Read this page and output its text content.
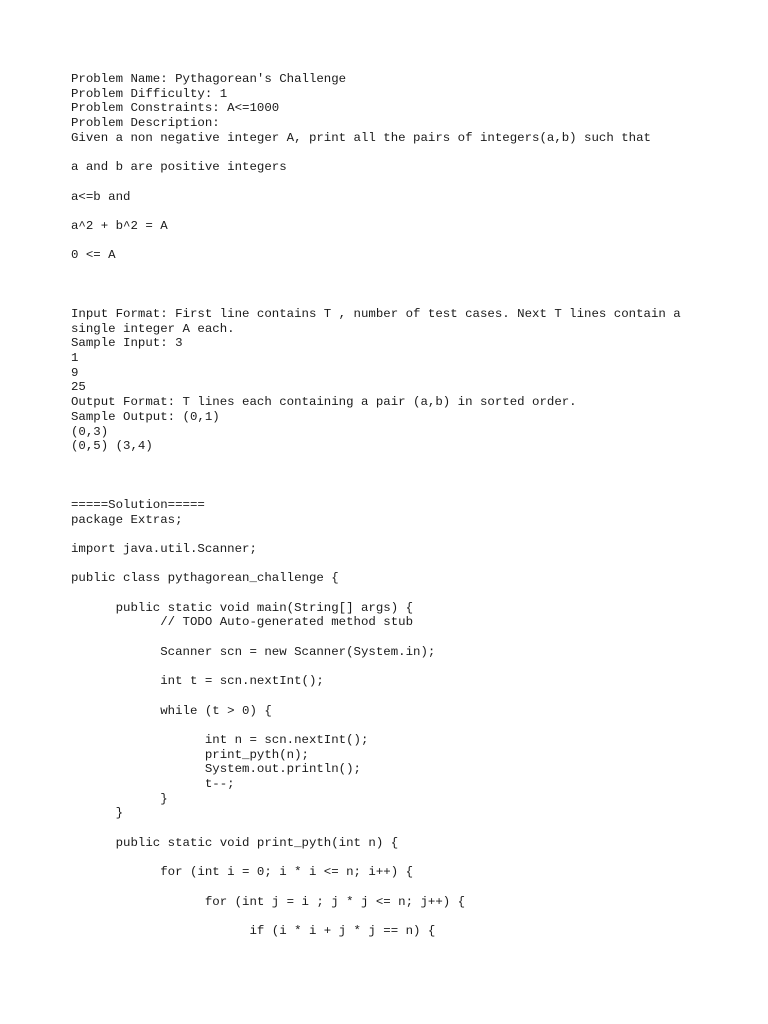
Problem Name: Pythagorean's Challenge
Problem Difficulty: 1
Problem Constraints: A<=1000
Problem Description:
Given a non negative integer A, print all the pairs of integers(a,b) such that
a and b are positive integers
a<=b and
a^2 + b^2 = A
0 <= A
Input Format: First line contains T , number of test cases. Next T lines contain a
single integer A each.
Sample Input: 3
1
9
25
Output Format: T lines each containing a pair (a,b) in sorted order.
Sample Output: (0,1)
(0,3)
(0,5) (3,4)
=====Solution=====
package Extras;
import java.util.Scanner;
public class pythagorean_challenge {
public static void main(String[] args) {
// TODO Auto-generated method stub
Scanner scn = new Scanner(System.in);
int t = scn.nextInt();
while (t > 0) {
int n = scn.nextInt();
print_pyth(n);
System.out.println();
t--;
}
}
public static void print_pyth(int n) {
for (int i = 0; i * i <= n; i++) {
for (int j = i ; j * j <= n; j++) {
if (i * i + j * j == n) {
